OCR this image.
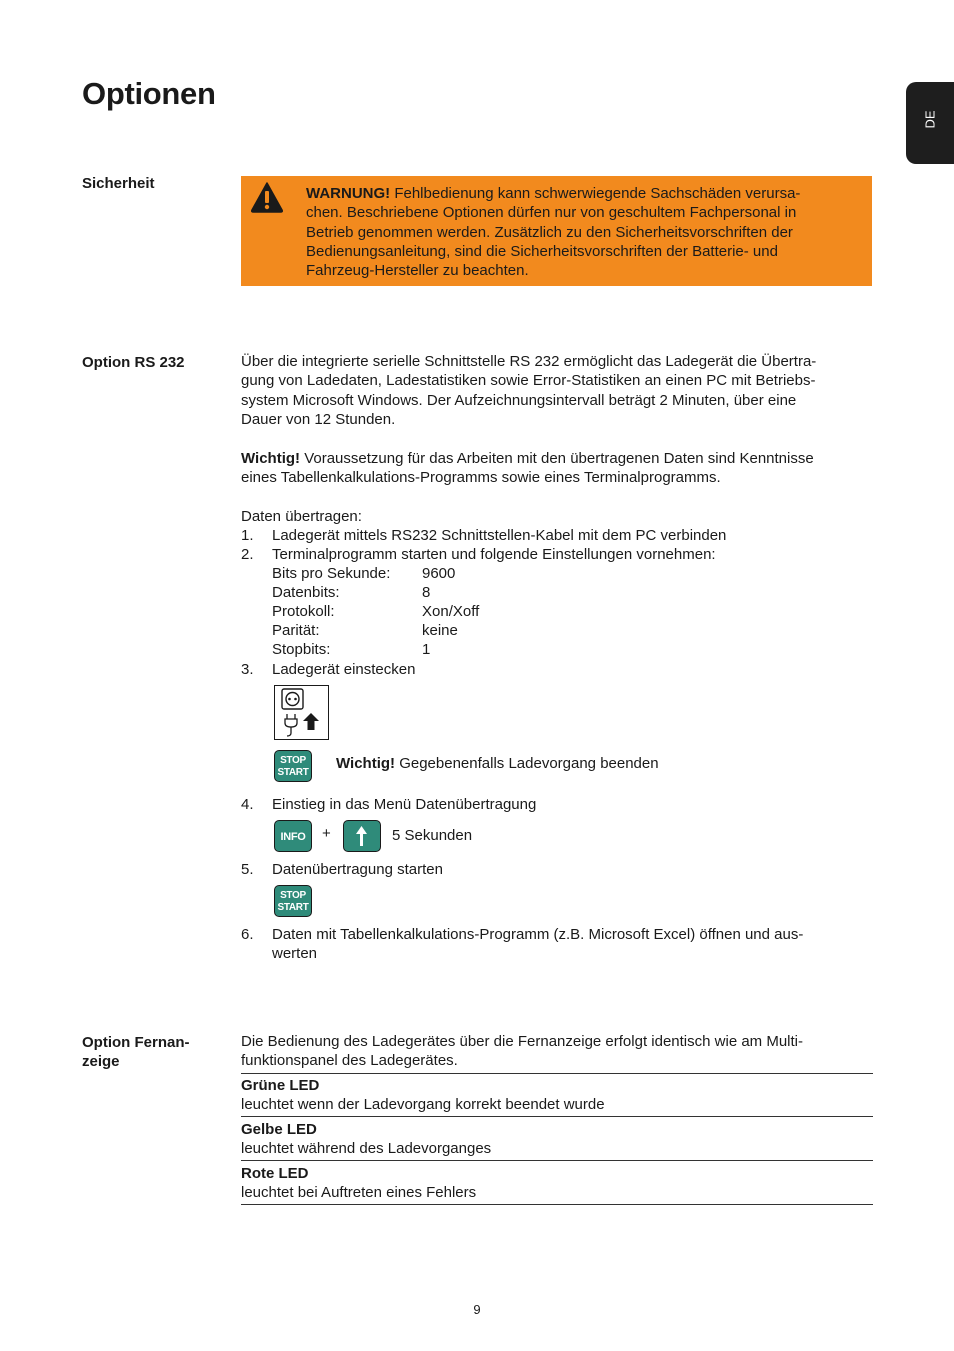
Optionen
DE
Sicherheit
WARNUNG! Fehlbedienung kann schwerwiegende Sachschäden verursa-
chen. Beschriebene Optionen dürfen nur von geschultem Fachpersonal in
Betrieb genommen werden. Zusätzlich zu den Sicherheitsvorschriften der
Bedienungsanleitung, sind die Sicherheitsvorschriften der Batterie- und
Fahrzeug-Hersteller zu beachten.
Option RS 232	Über die integrierte serielle Schnittstelle RS 232 ermöglicht das Ladegerät die Übertra-
gung von Ladedaten, Ladestatistiken sowie Error-Statistiken an einen PC mit Betriebs-
system Microsoft Windows. Der Aufzeichnungsintervall beträgt 2 Minuten, über eine
Dauer von 12 Stunden.
Wichtig! Voraussetzung für das Arbeiten mit den übertragenen Daten sind Kenntnisse
eines Tabellenkalkulations-Programms sowie eines Terminalprogramms.
Daten übertragen:
1. Ladegerät mittels RS232 Schnittstellen-Kabel mit dem PC verbinden
2. Terminalprogramm starten und folgende Einstellungen vornehmen:
Bits pro Sekunde: 9600
Datenbits:	8
Protokoll:	Xon/Xoff
Parität:	keine
Stopbits:	1
3. Ladegerät einstecken
STOP
START
Wichtig! Gegebenenfalls Ladevorgang beenden
4. Einstieg in das Menü Datenübertragung
INFO	+	5 Sekunden
5. Datenübertragung starten
STOP
START
6. Daten mit Tabellenkalkulations-Programm (z.B. Microsoft Excel) öffnen und aus-
werten
Option Fernan-
zeige
Die Bedienung des Ladegerätes über die Fernanzeige erfolgt identisch wie am Multi-
funktionspanel des Ladegerätes.
Grüne LED
leuchtet wenn der Ladevorgang korrekt beendet wurde
Gelbe LED
leuchtet während des Ladevorganges
Rote LED
leuchtet bei Auftreten eines Fehlers
9
